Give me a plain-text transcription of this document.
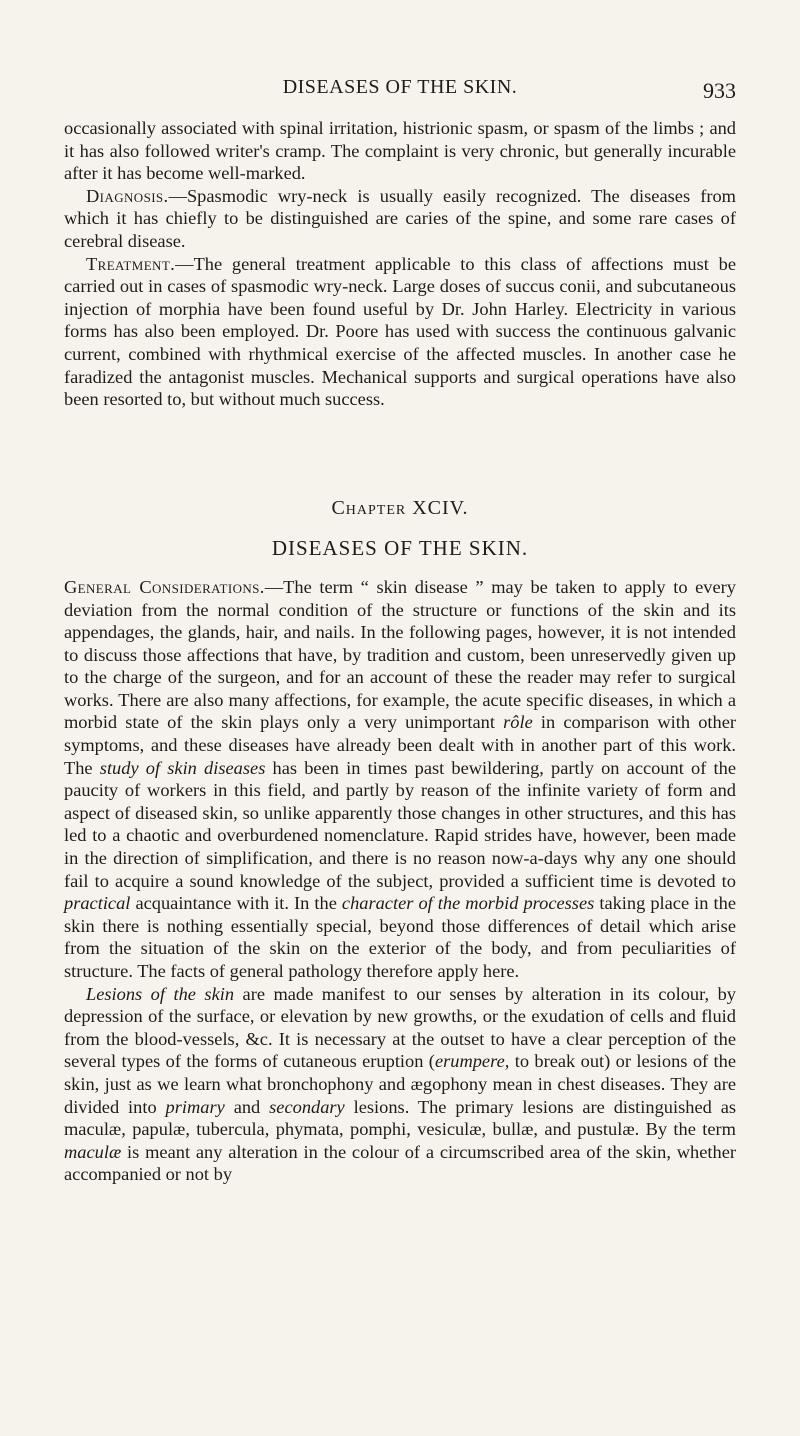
DISEASES OF THE SKIN.	933

occasionally associated with spinal irritation, histrionic spasm, or spasm of the limbs ; and it has also followed writer's cramp. The complaint is very chronic, but generally incurable after it has become well-marked.

Diagnosis.—Spasmodic wry-neck is usually easily recognized. The diseases from which it has chiefly to be distinguished are caries of the spine, and some rare cases of cerebral disease.

Treatment.—The general treatment applicable to this class of affections must be carried out in cases of spasmodic wry-neck. Large doses of succus conii, and subcutaneous injection of morphia have been found useful by Dr. John Harley. Electricity in various forms has also been employed. Dr. Poore has used with success the continuous galvanic current, combined with rhythmical exercise of the affected muscles. In another case he faradized the antagonist muscles. Mechanical supports and surgical operations have also been resorted to, but without much success.

Chapter XCIV.
DISEASES OF THE SKIN.

General Considerations.—The term “ skin disease ” may be taken to apply to every deviation from the normal condition of the structure or functions of the skin and its appendages, the glands, hair, and nails. In the following pages, however, it is not intended to discuss those affections that have, by tradition and custom, been unreservedly given up to the charge of the surgeon, and for an account of these the reader may refer to surgical works. There are also many affections, for example, the acute specific diseases, in which a morbid state of the skin plays only a very unimportant rôle in comparison with other symptoms, and these diseases have already been dealt with in another part of this work. The study of skin diseases has been in times past bewildering, partly on account of the paucity of workers in this field, and partly by reason of the infinite variety of form and aspect of diseased skin, so unlike apparently those changes in other structures, and this has led to a chaotic and overburdened nomenclature. Rapid strides have, however, been made in the direction of simplification, and there is no reason now-a-days why any one should fail to acquire a sound knowledge of the subject, provided a sufficient time is devoted to practical acquaintance with it. In the character of the morbid processes taking place in the skin there is nothing essentially special, beyond those differences of detail which arise from the situation of the skin on the exterior of the body, and from peculiarities of structure. The facts of general pathology therefore apply here.

Lesions of the skin are made manifest to our senses by alteration in its colour, by depression of the surface, or elevation by new growths, or the exudation of cells and fluid from the blood-vessels, &c. It is necessary at the outset to have a clear perception of the several types of the forms of cutaneous eruption (erumpere, to break out) or lesions of the skin, just as we learn what bronchophony and ægophony mean in chest diseases. They are divided into primary and secondary lesions. The primary lesions are distinguished as maculæ, papulæ, tubercula, phymata, pomphi, vesiculæ, bullæ, and pustulæ. By the term maculæ is meant any alteration in the colour of a circumscribed area of the skin, whether accompanied or not by
